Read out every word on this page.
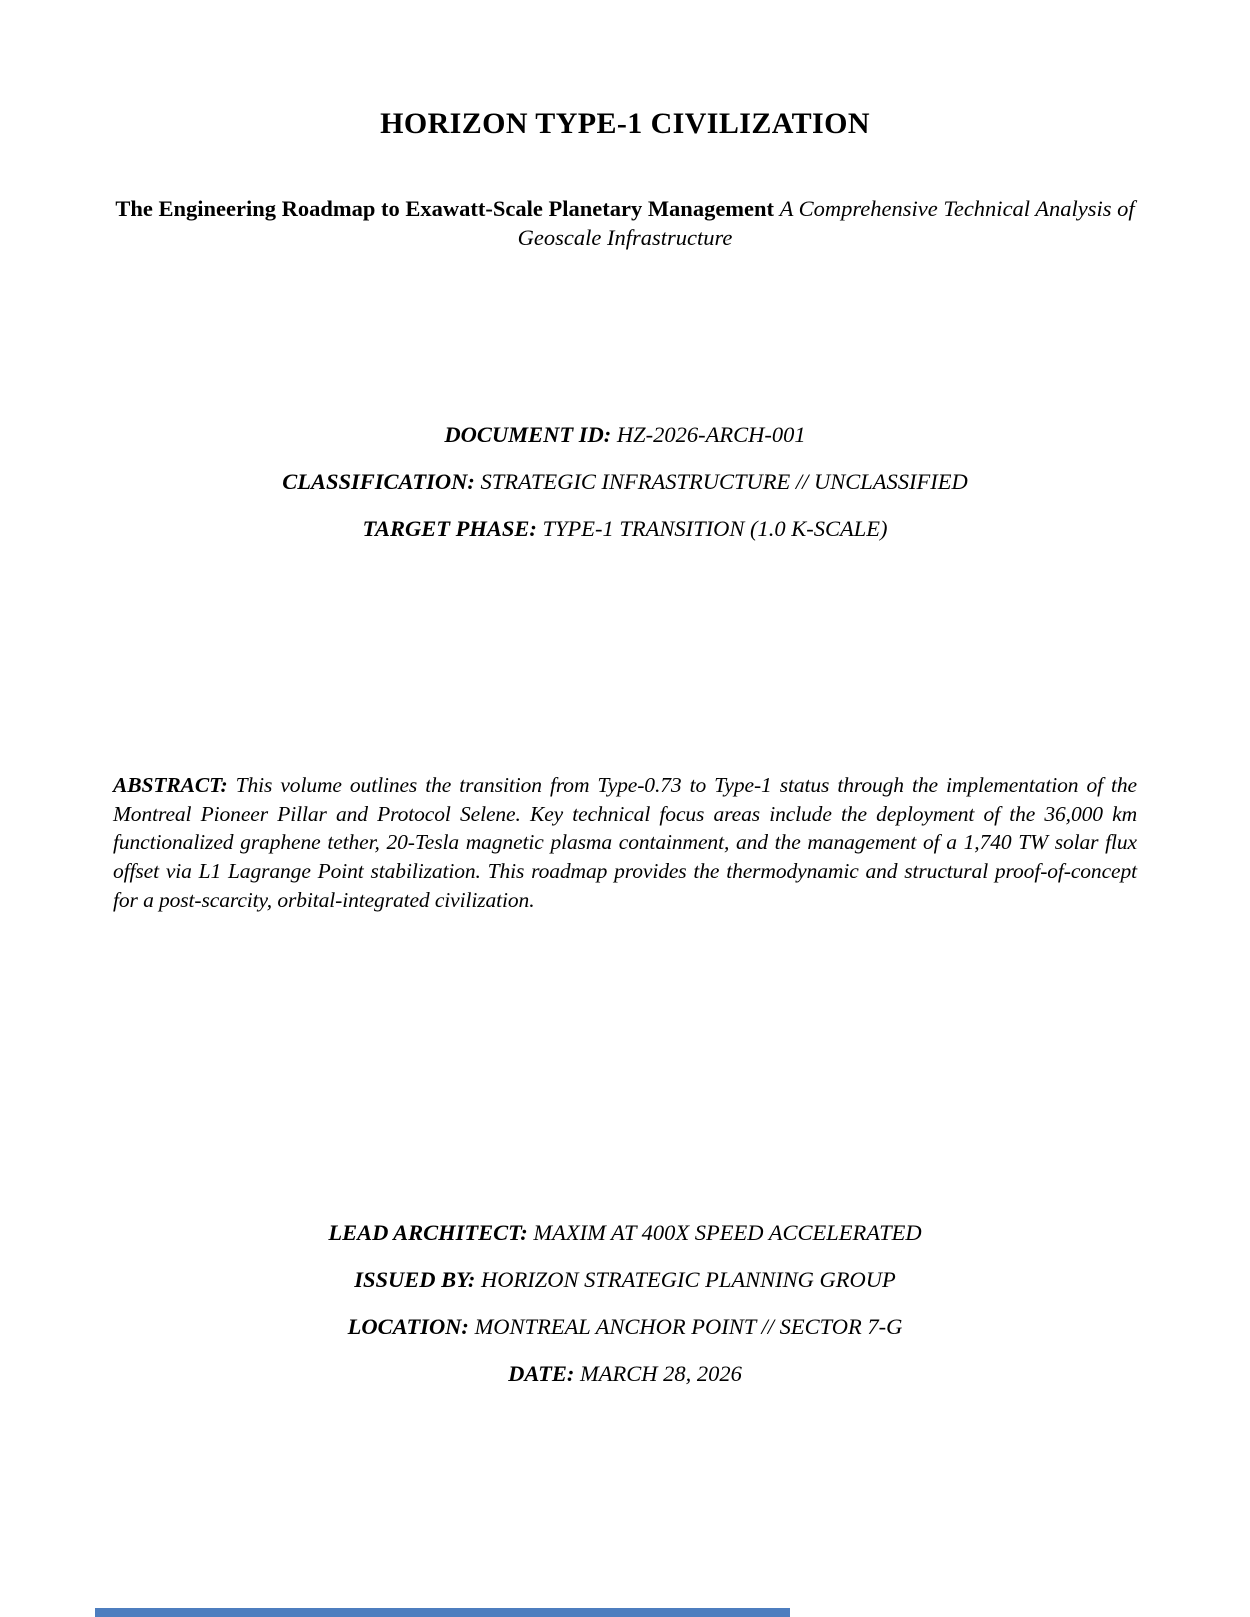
HORIZON TYPE-1 CIVILIZATION

The Engineering Roadmap to Exawatt-Scale Planetary Management A Comprehensive Technical Analysis of Geoscale Infrastructure

DOCUMENT ID: HZ-2026-ARCH-001
CLASSIFICATION: STRATEGIC INFRASTRUCTURE // UNCLASSIFIED
TARGET PHASE: TYPE-1 TRANSITION (1.0 K-SCALE)

ABSTRACT: This volume outlines the transition from Type-0.73 to Type-1 status through the implementation of the Montreal Pioneer Pillar and Protocol Selene. Key technical focus areas include the deployment of the 36,000 km functionalized graphene tether, 20-Tesla magnetic plasma containment, and the management of a 1,740 TW solar flux offset via L1 Lagrange Point stabilization. This roadmap provides the thermodynamic and structural proof-of-concept for a post-scarcity, orbital-integrated civilization.

LEAD ARCHITECT: MAXIM AT 400X SPEED ACCELERATED
ISSUED BY: HORIZON STRATEGIC PLANNING GROUP
LOCATION: MONTREAL ANCHOR POINT // SECTOR 7-G
DATE: MARCH 28, 2026
